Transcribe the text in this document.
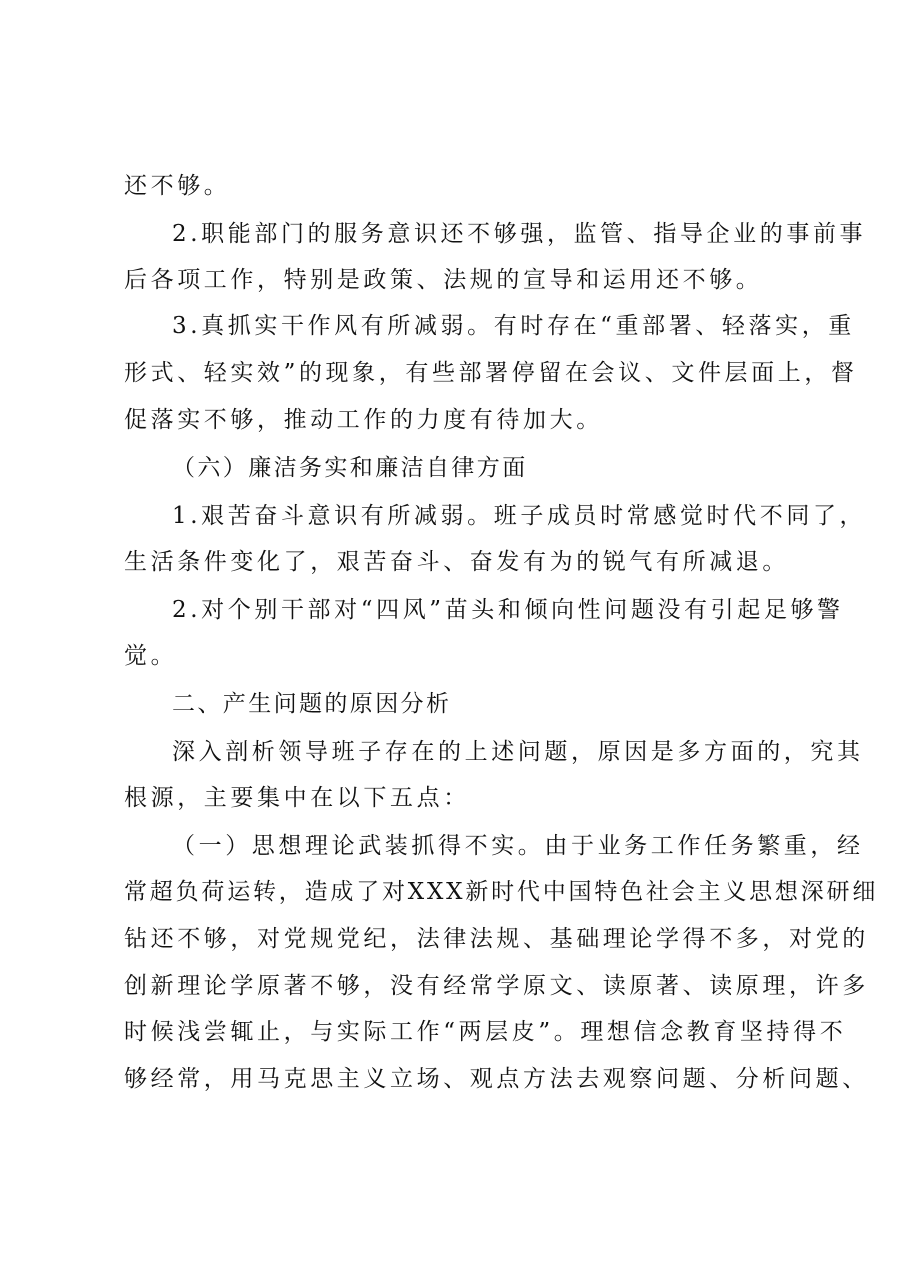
还不够。
2.职能部门的服务意识还不够强，监管、指导企业的事前事
后各项工作，特别是政策、法规的宣导和运用还不够。
3.真抓实干作风有所减弱。有时存在“重部署、轻落实，重
形式、轻实效”的现象，有些部署停留在会议、文件层面上，督
促落实不够，推动工作的力度有待加大。
（六）廉洁务实和廉洁自律方面
1.艰苦奋斗意识有所减弱。班子成员时常感觉时代不同了，
生活条件变化了，艰苦奋斗、奋发有为的锐气有所减退。
2.对个别干部对“四风”苗头和倾向性问题没有引起足够警
觉。
二、产生问题的原因分析
深入剖析领导班子存在的上述问题，原因是多方面的，究其
根源，主要集中在以下五点：
（一）思想理论武装抓得不实。由于业务工作任务繁重，经
常超负荷运转，造成了对XXX新时代中国特色社会主义思想深研细
钻还不够，对党规党纪，法律法规、基础理论学得不多，对党的
创新理论学原著不够，没有经常学原文、读原著、读原理，许多
时候浅尝辄止，与实际工作“两层皮”。理想信念教育坚持得不
够经常，用马克思主义立场、观点方法去观察问题、分析问题、
